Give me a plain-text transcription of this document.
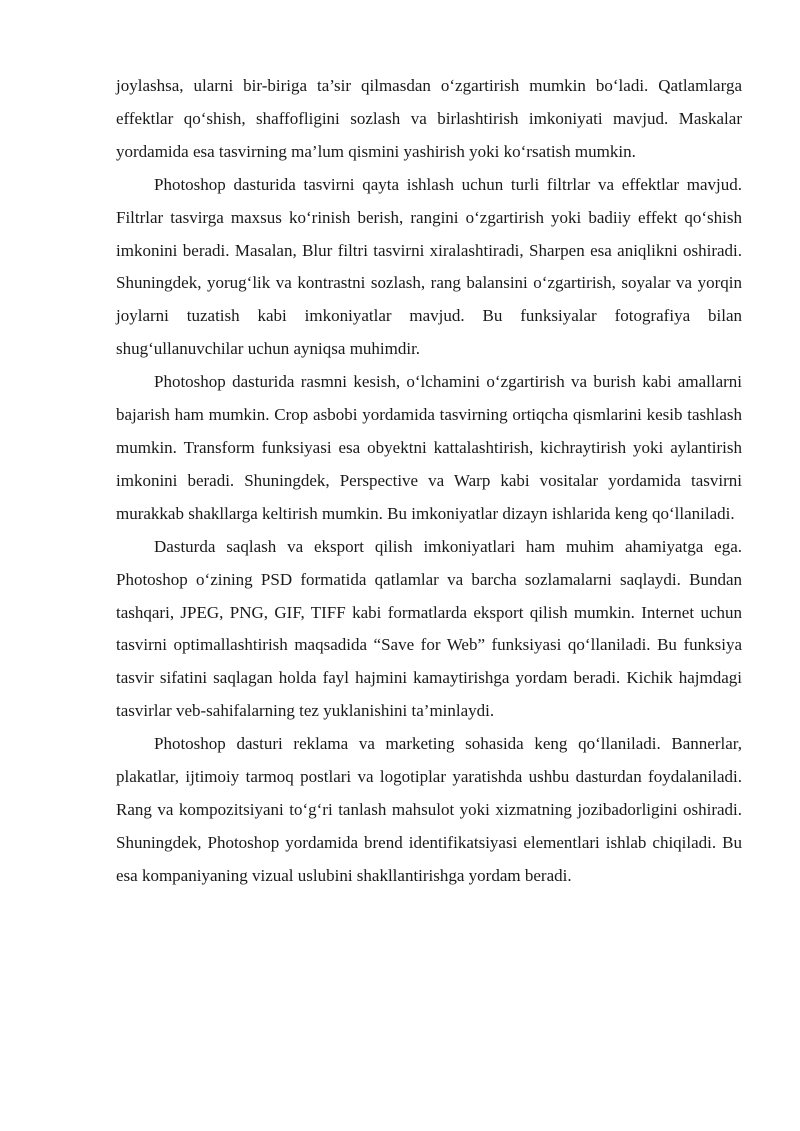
joylashsa, ularni bir-biriga ta’sir qilmasdan o‘zgartirish mumkin bo‘ladi. Qatlamlarga effektlar qo‘shish, shaffofligini sozlash va birlashtirish imkoniyati mavjud. Maskalar yordamida esa tasvirning ma’lum qismini yashirish yoki ko‘rsatish mumkin.

Photoshop dasturida tasvirni qayta ishlash uchun turli filtrlar va effektlar mavjud. Filtrlar tasvirga maxsus ko‘rinish berish, rangini o‘zgartirish yoki badiiy effekt qo‘shish imkonini beradi. Masalan, Blur filtri tasvirni xiralashtiradi, Sharpen esa aniqlikni oshiradi. Shuningdek, yorug‘lik va kontrastni sozlash, rang balansini o‘zgartirish, soyalar va yorqin joylarni tuzatish kabi imkoniyatlar mavjud. Bu funksiyalar fotografiya bilan shug‘ullanuvchilar uchun ayniqsa muhimdir.

Photoshop dasturida rasmni kesish, o‘lchamini o‘zgartirish va burish kabi amallarni bajarish ham mumkin. Crop asbobi yordamida tasvirning ortiqcha qismlarini kesib tashlash mumkin. Transform funksiyasi esa obyektni kattalashtirish, kichraytirish yoki aylantirish imkonini beradi. Shuningdek, Perspective va Warp kabi vositalar yordamida tasvirni murakkab shakllarga keltirish mumkin. Bu imkoniyatlar dizayn ishlarida keng qo‘llaniladi.

Dasturda saqlash va eksport qilish imkoniyatlari ham muhim ahamiyatga ega. Photoshop o‘zining PSD formatida qatlamlar va barcha sozlamalarni saqlaydi. Bundan tashqari, JPEG, PNG, GIF, TIFF kabi formatlarda eksport qilish mumkin. Internet uchun tasvirni optimallashtirish maqsadida “Save for Web” funksiyasi qo‘llaniladi. Bu funksiya tasvir sifatini saqlagan holda fayl hajmini kamaytirishga yordam beradi. Kichik hajmdagi tasvirlar veb-sahifalarning tez yuklanishini ta’minlaydi.

Photoshop dasturi reklama va marketing sohasida keng qo‘llaniladi. Bannerlar, plakatlar, ijtimoiy tarmoq postlari va logotiplar yaratishda ushbu dasturdan foydalaniladi. Rang va kompozitsiyani to‘g‘ri tanlash mahsulot yoki xizmatning jozibadorligini oshiradi. Shuningdek, Photoshop yordamida brend identifikatsiyasi elementlari ishlab chiqiladi. Bu esa kompaniyaning vizual uslubini shakllantirishga yordam beradi.
